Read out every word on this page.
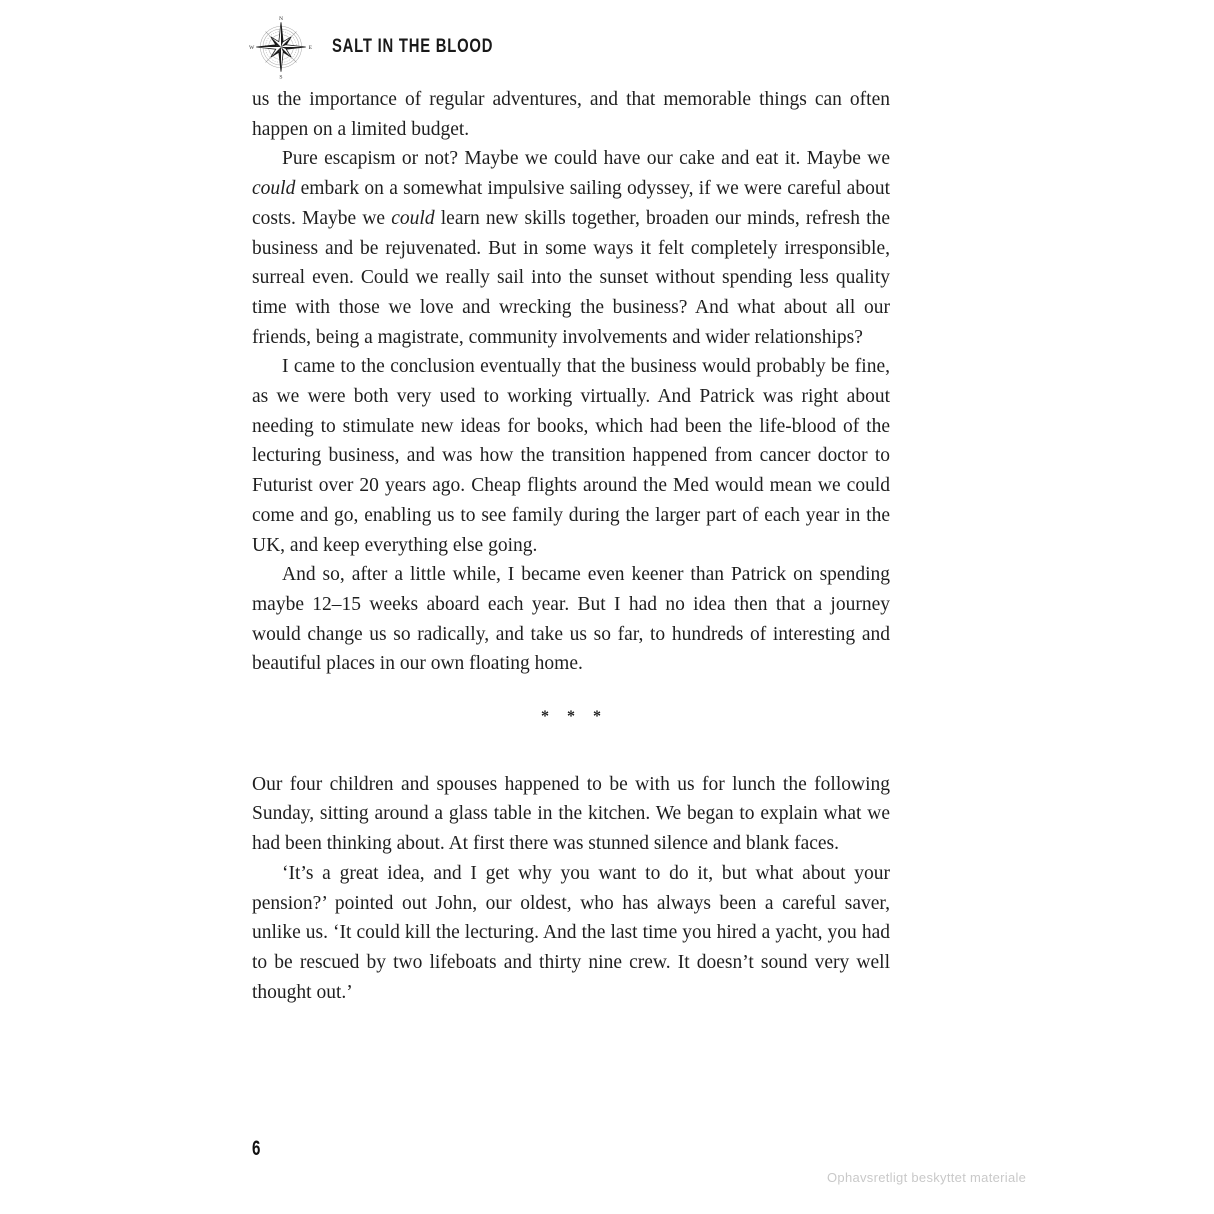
N
E
S
W	SALT IN THE BLOOD

us the importance of regular adventures, and that memorable things can often happen on a limited budget.

Pure escapism or not? Maybe we could have our cake and eat it. Maybe we could embark on a somewhat impulsive sailing odyssey, if we were careful about costs. Maybe we could learn new skills together, broaden our minds, refresh the business and be rejuvenated. But in some ways it felt completely irresponsible, surreal even. Could we really sail into the sunset without spending less quality time with those we love and wrecking the business? And what about all our friends, being a magistrate, community involvements and wider relationships?

I came to the conclusion eventually that the business would probably be fine, as we were both very used to working virtually. And Patrick was right about needing to stimulate new ideas for books, which had been the life-blood of the lecturing business, and was how the transition happened from cancer doctor to Futurist over 20 years ago. Cheap flights around the Med would mean we could come and go, enabling us to see family during the larger part of each year in the UK, and keep everything else going.

And so, after a little while, I became even keener than Patrick on spending maybe 12–15 weeks aboard each year. But I had no idea then that a journey would change us so radically, and take us so far, to hundreds of interesting and beautiful places in our own floating home.

* * *

Our four children and spouses happened to be with us for lunch the following Sunday, sitting around a glass table in the kitchen. We began to explain what we had been thinking about. At first there was stunned silence and blank faces.

‘It’s a great idea, and I get why you want to do it, but what about your pension?’ pointed out John, our oldest, who has always been a careful saver, unlike us. ‘It could kill the lecturing. And the last time you hired a yacht, you had to be rescued by two lifeboats and thirty nine crew. It doesn’t sound very well thought out.’

6
Ophavsretligt beskyttet materiale
